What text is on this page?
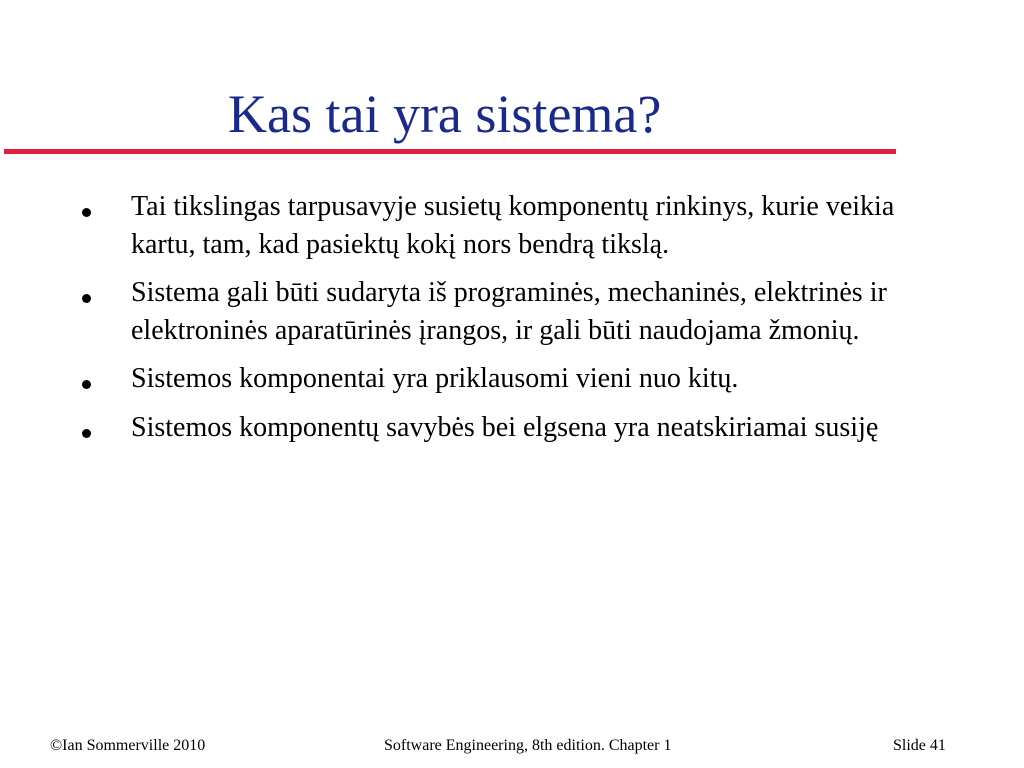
Kas tai yra sistema?
Tai tikslingas tarpusavyje susietų komponentų rinkinys, kurie veikia kartu, tam, kad pasiektų kokį nors bendrą tikslą.
Sistema gali būti sudaryta iš programinės, mechaninės, elektrinės ir elektroninės aparatūrinės įrangos, ir gali būti naudojama žmonių.
Sistemos komponentai yra priklausomi vieni nuo kitų.
Sistemos komponentų savybės bei elgsena yra neatskiriamai susiję
©Ian Sommerville 2010	Software Engineering, 8th edition. Chapter 1	Slide 41
